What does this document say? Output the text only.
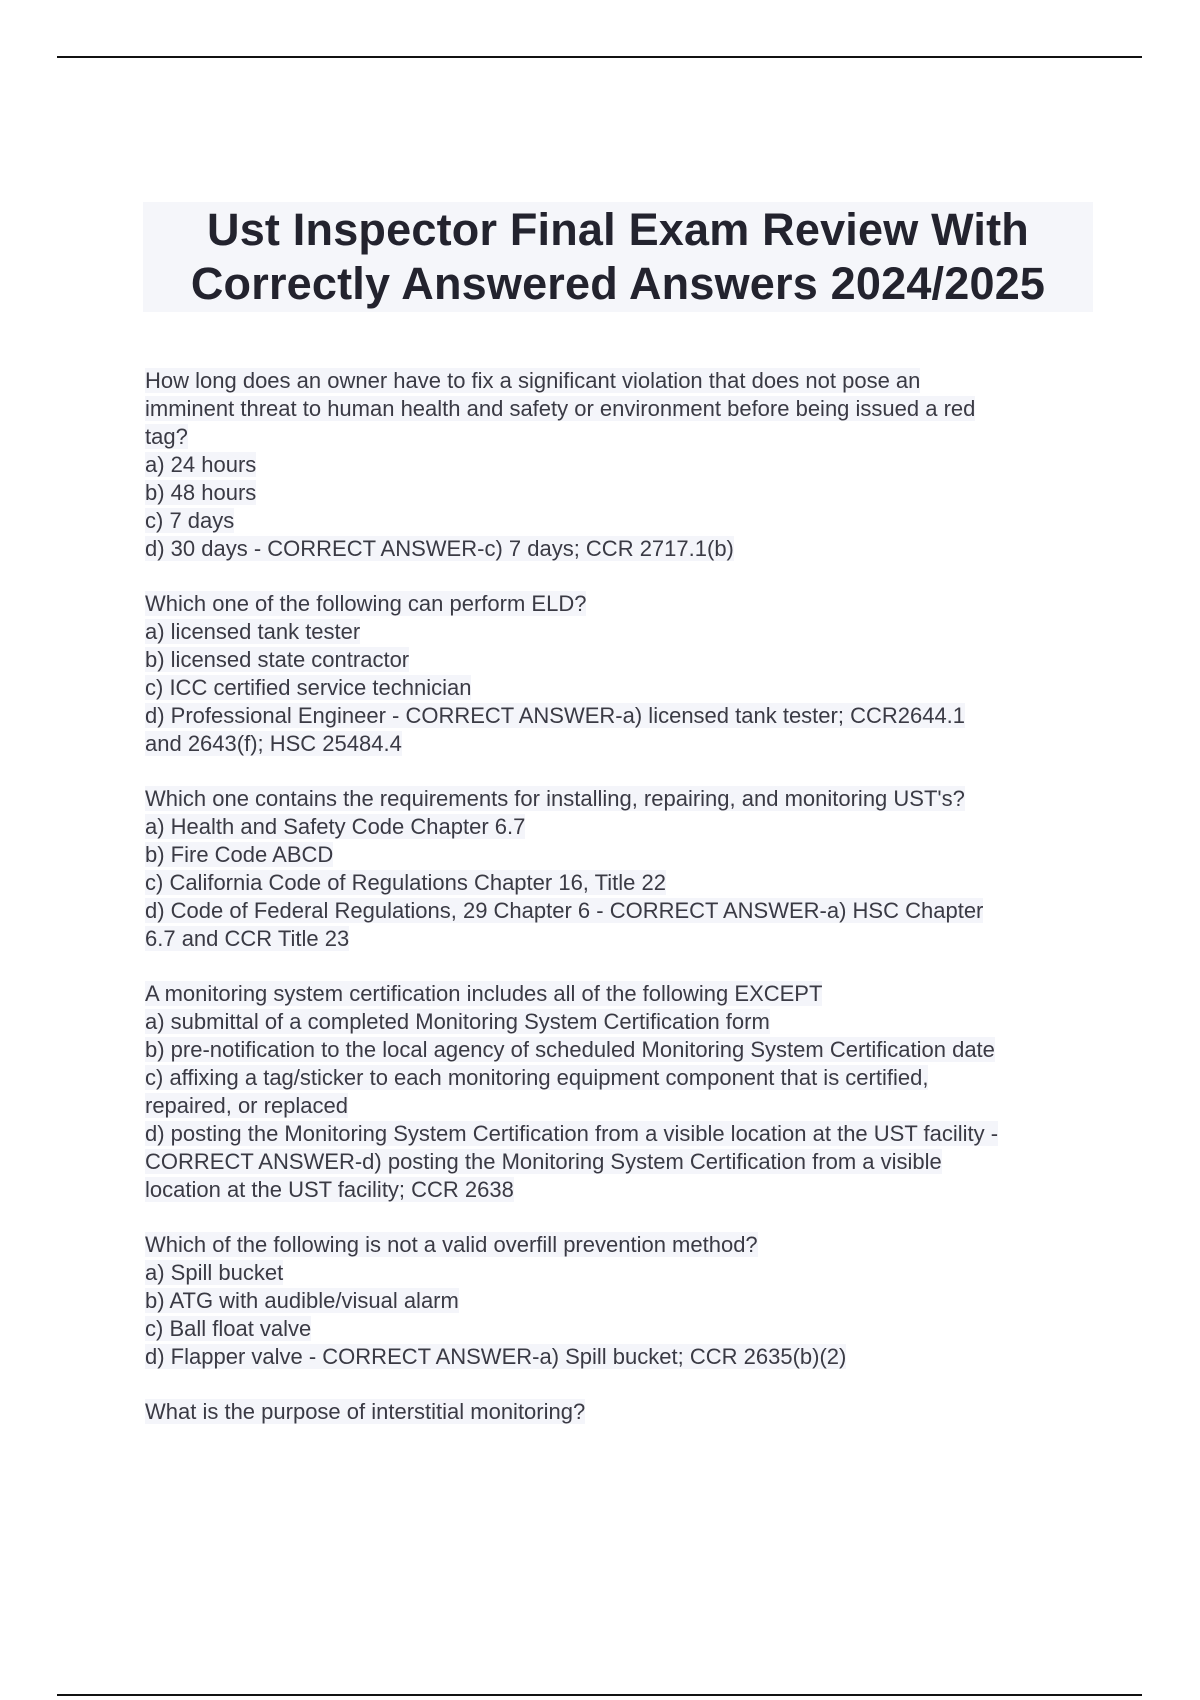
Ust Inspector Final Exam Review With
Correctly Answered Answers 2024/2025
How long does an owner have to fix a significant violation that does not pose an
imminent threat to human health and safety or environment before being issued a red
tag?
a) 24 hours
b) 48 hours
c) 7 days
d) 30 days - CORRECT ANSWER-c) 7 days; CCR 2717.1(b)
Which one of the following can perform ELD?
a) licensed tank tester
b) licensed state contractor
c) ICC certified service technician
d) Professional Engineer - CORRECT ANSWER-a) licensed tank tester; CCR2644.1
and 2643(f); HSC 25484.4
Which one contains the requirements for installing, repairing, and monitoring UST's?
a) Health and Safety Code Chapter 6.7
b) Fire Code ABCD
c) California Code of Regulations Chapter 16, Title 22
d) Code of Federal Regulations, 29 Chapter 6 - CORRECT ANSWER-a) HSC Chapter
6.7 and CCR Title 23
A monitoring system certification includes all of the following EXCEPT
a) submittal of a completed Monitoring System Certification form
b) pre-notification to the local agency of scheduled Monitoring System Certification date
c) affixing a tag/sticker to each monitoring equipment component that is certified,
repaired, or replaced
d) posting the Monitoring System Certification from a visible location at the UST facility -
CORRECT ANSWER-d) posting the Monitoring System Certification from a visible
location at the UST facility; CCR 2638
Which of the following is not a valid overfill prevention method?
a) Spill bucket
b) ATG with audible/visual alarm
c) Ball float valve
d) Flapper valve - CORRECT ANSWER-a) Spill bucket; CCR 2635(b)(2)
What is the purpose of interstitial monitoring?
